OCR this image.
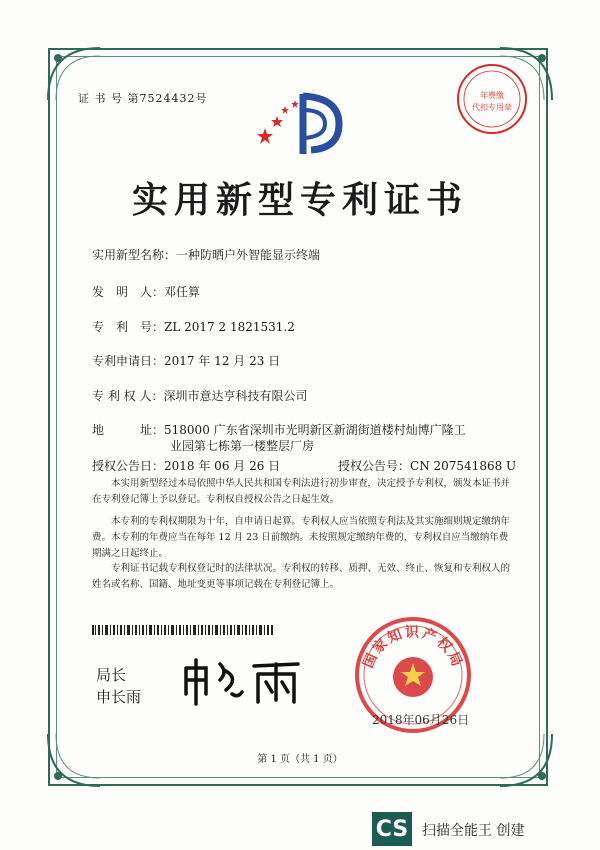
证 书 号 第7524432号	年费缴
代扣专用章
实用新型专利证书
实用新型名称：一种防晒户外智能显示终端
发　明　人：邓任算
专　利　号：ZL 2017 2 1821531.2
专利申请日：2017 年 12 月 23 日
专 利 权 人：深圳市意达亨科技有限公司
地　　　址：518000 广东省深圳市光明新区新湖街道楼村灿博广隆工
业园第七栋第一楼整层厂房
授权公告日：2018 年 06 月 26 日	授权公告号：CN 207541868 U
　　本实用新型经过本局依照中华人民共和国专利法进行初步审查，决定授予专利权，颁发本证书并在专利登记簿上予以登记。专利权自授权公告之日起生效。
　　本专利的专利权期限为十年，自申请日起算。专利权人应当依照专利法及其实施细则规定缴纳年费。本专利的年费应当在每年 12 月 23 日前缴纳。未按照规定缴纳年费的，专利权自应当缴纳年费期满之日起终止。
　　专利证书记载专利权登记时的法律状况。专利权的转移、质押、无效、终止、恢复和专利权人的姓名或名称、国籍、地址变更等事项记载在专利登记簿上。
局长
申长雨
国家知识产权局
2018年06月26日
第 1 页（共 1 页）
CS 扫描全能王 创建
